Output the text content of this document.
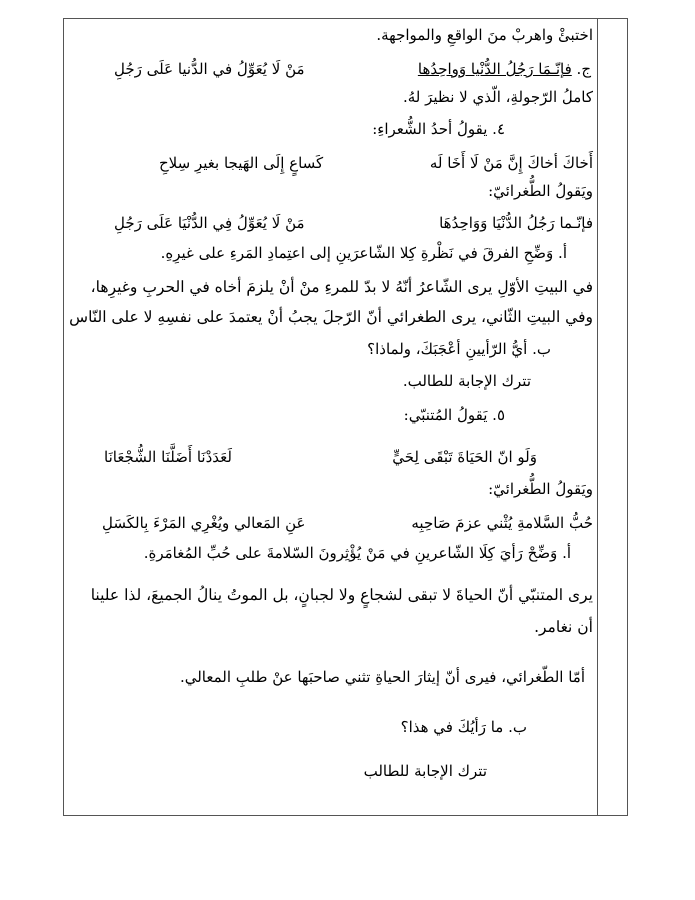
اختبئْ واهربْ منَ الواقعِ والمواجهة.
ج. فإنّـمَا رَجُلُ الدُّنْيا وَواحِدُها
مَنْ لَا يُعَوِّلُ في الدُّنيا عَلَى رَجُلِ
كاملُ الرّجولةِ، الّذي لا نظيرَ لهُ.
٤. يقولُ أحدُ الشُّعراءِ:
أَخاكَ أخاكَ إِنَّ مَنْ لَا أَخَا لَه
كَساعٍ إِلَى الهَيجا بغيرِ سِلاحِ
ويَقولُ الطُّغرائيّ:
فإنّـما رَجُلُ الدُّنْيَا وَوَاحِدُهَا
مَنْ لَا يُعَوِّلُ فِي الدُّنْيَا عَلَى رَجُلِ
أ. وَضِّحِ الفرقَ في نَظْرةِ كِلا الشّاعرَينِ إلى اعتِمادِ المَرءِ على غيرِهِ.
في البيتِ الأوّلِ يرى الشّاعرُ أنّهُ لا بدّ للمرءِ منْ أنْ يلزمَ أخاه في الحربِ وغيرِها،
وفي البيتِ الثّاني، يرى الطغرائي أنّ الرّجلَ يجبُ أنْ يعتمدَ على نفسِهِ لا على النّاس
ب. أيُّ الرّأيينِ أعْجَبَكَ، ولماذا؟
تترك الإجابة للطالب.
٥. يَقولُ المُتنبّي:
وَلَو انّ الحَيَاةَ تَبْقَى لِحَيٍّ
لَعَدَدْنَا أَضَلَّنَا الشُّجْعَانَا
ويَقولُ الطُّغرائيّ:
حُبُّ السَّلامةِ يُثْني عزمَ صَاحِبِه
عَنِ المَعالي ويُغْرِي المَرْءَ بِالكَسَلِ
أ. وَضِّحْ رَأيَ كِلَا الشّاعرينِ في مَنْ يُؤْثِرونَ السّلامةَ على حُبِّ المُغامَرةِ.
يرى المتنبّي أنّ الحياةَ لا تبقى لشجاعٍ ولا لجبانٍ، بل الموتُ ينالُ الجميعَ، لذا علينا
أن نغامر.
أمّا الطّغرائي، فيرى أنّ إيثارَ الحياةِ تثني صاحبَها عنْ طلبِ المعالي.
ب. ما رَأيُكَ في هذا؟
تترك الإجابة للطالب
